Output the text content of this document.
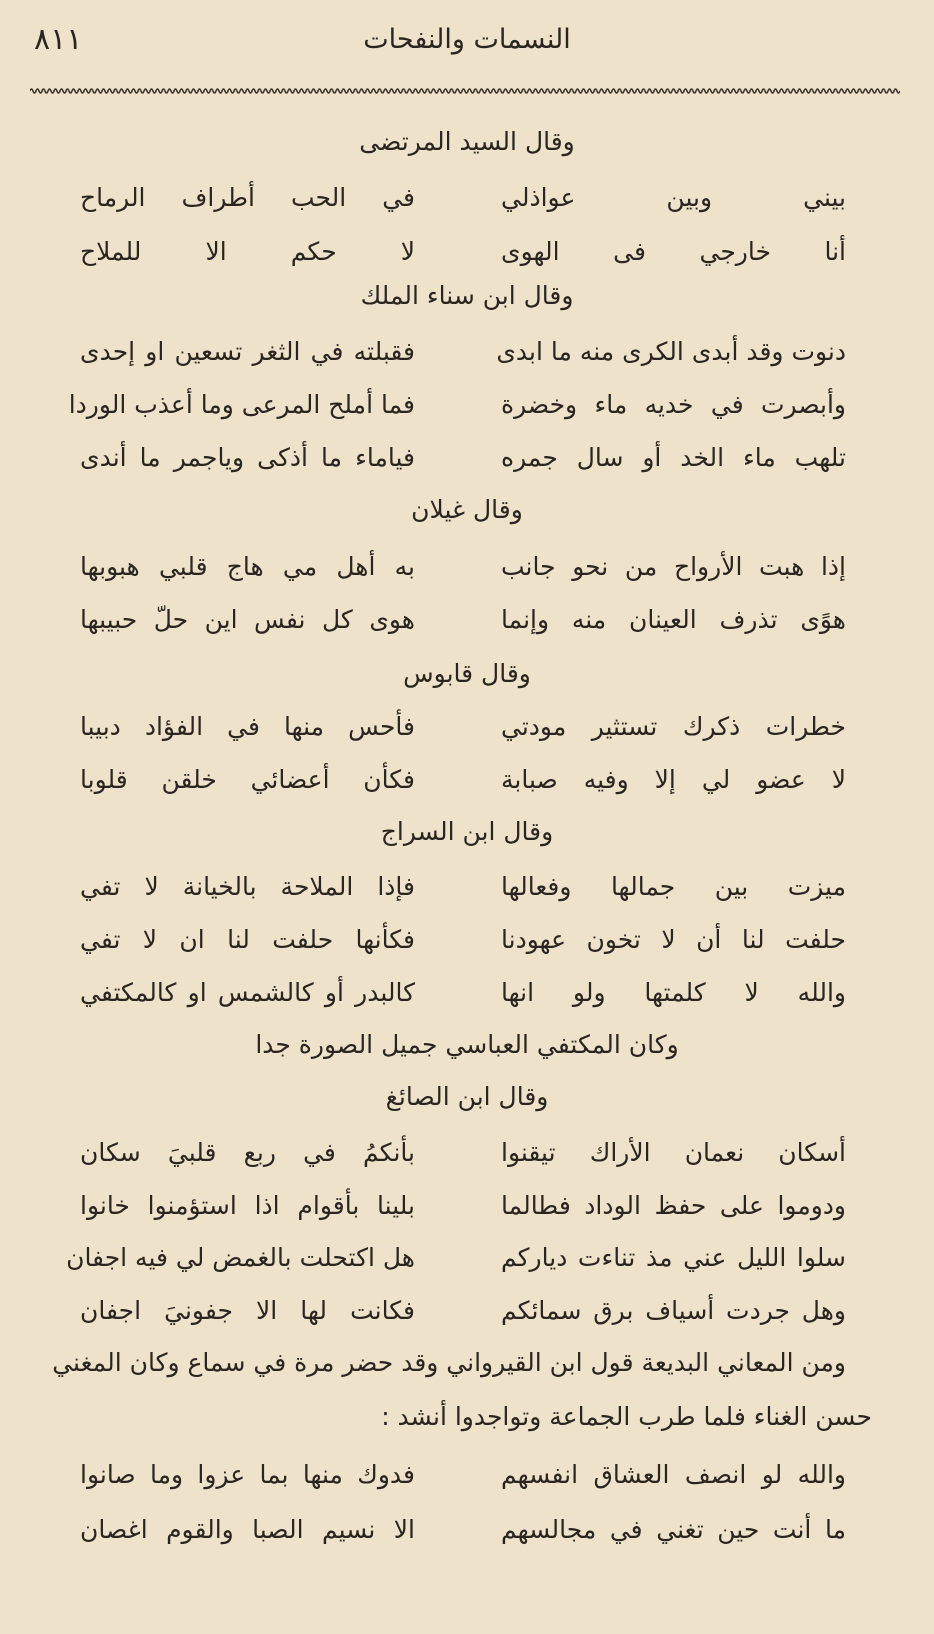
٨١١	النسمات والنفحات
وقال السيد المرتضى
بيني وبين عواذلي
في الحب أطراف الرماح
أنا خارجي فى الهوى
لا حكم الا للملاح
وقال ابن سناء الملك
دنوت وقد أبدى الكرى منه ما ابدى
فقبلته في الثغر تسعين او إحدى
وأبصرت في خديه ماء وخضرة
فما أملح المرعى وما أعذب الوردا
تلهب ماء الخد أو سال جمره
فياماء ما أذكى وياجمر ما أندى
وقال غيلان
إذا هبت الأرواح من نحو جانب
به أهل مي هاج قلبي هبوبها
هوًى تذرف العينان منه وإنما
هوى كل نفس اين حلّ حبيبها
وقال قابوس
خطرات ذكرك تستثير مودتي
فأحس منها في الفؤاد دبيبا
لا عضو لي إلا وفيه صبابة
فكأن أعضائي خلقن قلوبا
وقال ابن السراج
ميزت بين جمالها وفعالها
فإذا الملاحة بالخيانة لا تفي
حلفت لنا أن لا تخون عهودنا
فكأنها حلفت لنا ان لا تفي
والله لا كلمتها ولو انها
كالبدر أو كالشمس او كالمكتفي
وكان المكتفي العباسي جميل الصورة جدا
وقال ابن الصائغ
أسكان نعمان الأراك تيقنوا
بأنكمُ في ربع قلبيَ سكان
ودوموا على حفظ الوداد فطالما
بلينا بأقوام اذا استؤمنوا خانوا
سلوا الليل عني مذ تناءت دياركم
هل اكتحلت بالغمض لي فيه اجفان
وهل جردت أسياف برق سمائكم
فكانت لها الا جفونيَ اجفان
ومن المعاني البديعة قول ابن القيرواني وقد حضر مرة في سماع وكان المغني
حسن الغناء فلما طرب الجماعة وتواجدوا أنشد :
والله لو انصف العشاق انفسهم
فدوك منها بما عزوا وما صانوا
ما أنت حين تغني في مجالسهم
الا نسيم الصبا والقوم اغصان
